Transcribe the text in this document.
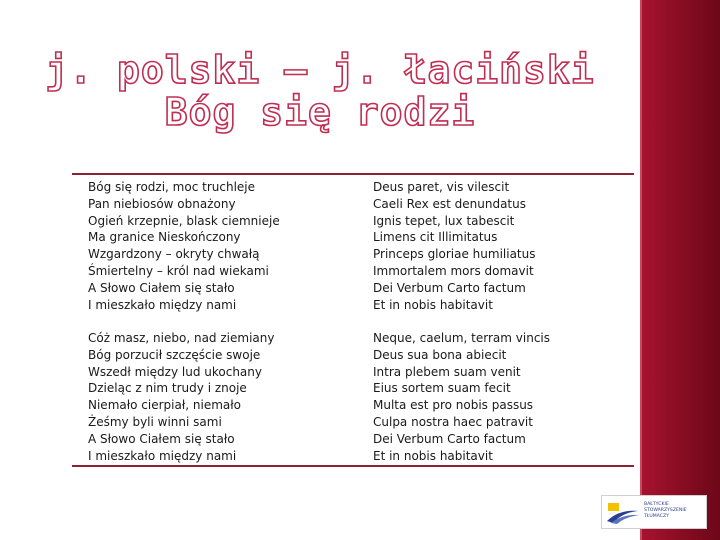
j. polski – j. łaciński
Bóg się rodzi
Bóg się rodzi, moc truchleje
Pan niebiosów obnażony
Ogień krzepnie, blask ciemnieje
Ma granice Nieskończony
Wzgardzony – okryty chwałą
Śmiertelny – król nad wiekami
A Słowo Ciałem się stało
I mieszkało między nami
Deus paret, vis vilescit
Caeli Rex est denundatus
Ignis tepet, lux tabescit
Limens cit Illimitatus
Princeps gloriae humiliatus
Immortalem mors domavit
Dei Verbum Carto factum
Et in nobis habitavit
Cóż masz, niebo, nad ziemiany
Bóg porzucił szczęście swoje
Wszedł między lud ukochany
Dzieląc z nim trudy i znoje
Niemało cierpiał, niemało
Żeśmy byli winni sami
A Słowo Ciałem się stało
I mieszkało między nami
Neque, caelum, terram vincis
Deus sua bona abiecit
Intra plebem suam venit
Eius sortem suam fecit
Multa est pro nobis passus
Culpa nostra haec patravit
Dei Verbum Carto factum
Et in nobis habitavit
BAŁTYCKIE
STOWARZYSZENIE
TŁUMACZY
